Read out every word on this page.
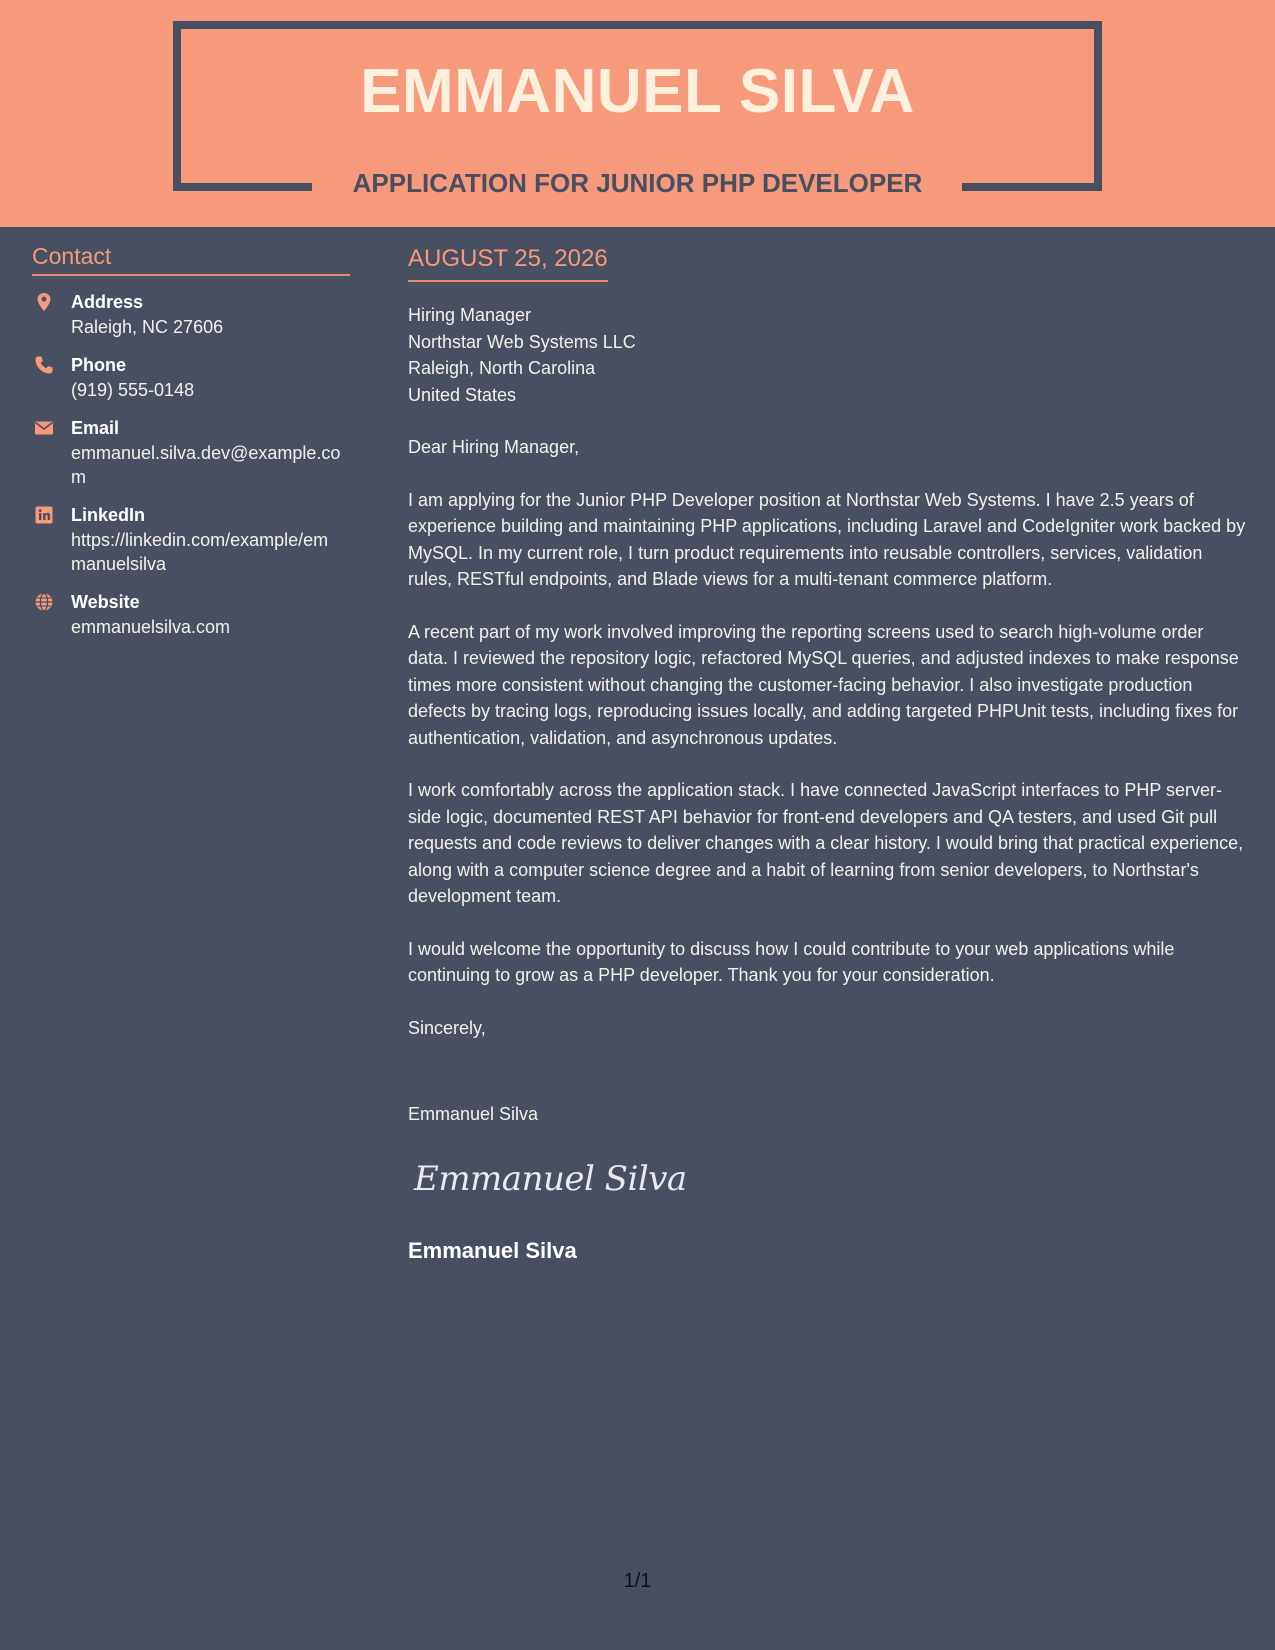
EMMANUEL SILVA
APPLICATION FOR JUNIOR PHP DEVELOPER
Contact
Address
Raleigh, NC 27606
Phone
(919) 555-0148
Email
emmanuel.silva.dev@example.com
LinkedIn
https://linkedin.com/example/emmanuelsilva
Website
emmanuelsilva.com
AUGUST 25, 2026
Hiring Manager
Northstar Web Systems LLC
Raleigh, North Carolina
United States
Dear Hiring Manager,
I am applying for the Junior PHP Developer position at Northstar Web Systems. I have 2.5 years of experience building and maintaining PHP applications, including Laravel and CodeIgniter work backed by MySQL. In my current role, I turn product requirements into reusable controllers, services, validation rules, RESTful endpoints, and Blade views for a multi-tenant commerce platform.
A recent part of my work involved improving the reporting screens used to search high-volume order data. I reviewed the repository logic, refactored MySQL queries, and adjusted indexes to make response times more consistent without changing the customer-facing behavior. I also investigate production defects by tracing logs, reproducing issues locally, and adding targeted PHPUnit tests, including fixes for authentication, validation, and asynchronous updates.
I work comfortably across the application stack. I have connected JavaScript interfaces to PHP server-side logic, documented REST API behavior for front-end developers and QA testers, and used Git pull requests and code reviews to deliver changes with a clear history. I would bring that practical experience, along with a computer science degree and a habit of learning from senior developers, to Northstar's development team.
I would welcome the opportunity to discuss how I could contribute to your web applications while continuing to grow as a PHP developer. Thank you for your consideration.
Sincerely,
Emmanuel Silva
Emmanuel Silva
Emmanuel Silva
1/1
